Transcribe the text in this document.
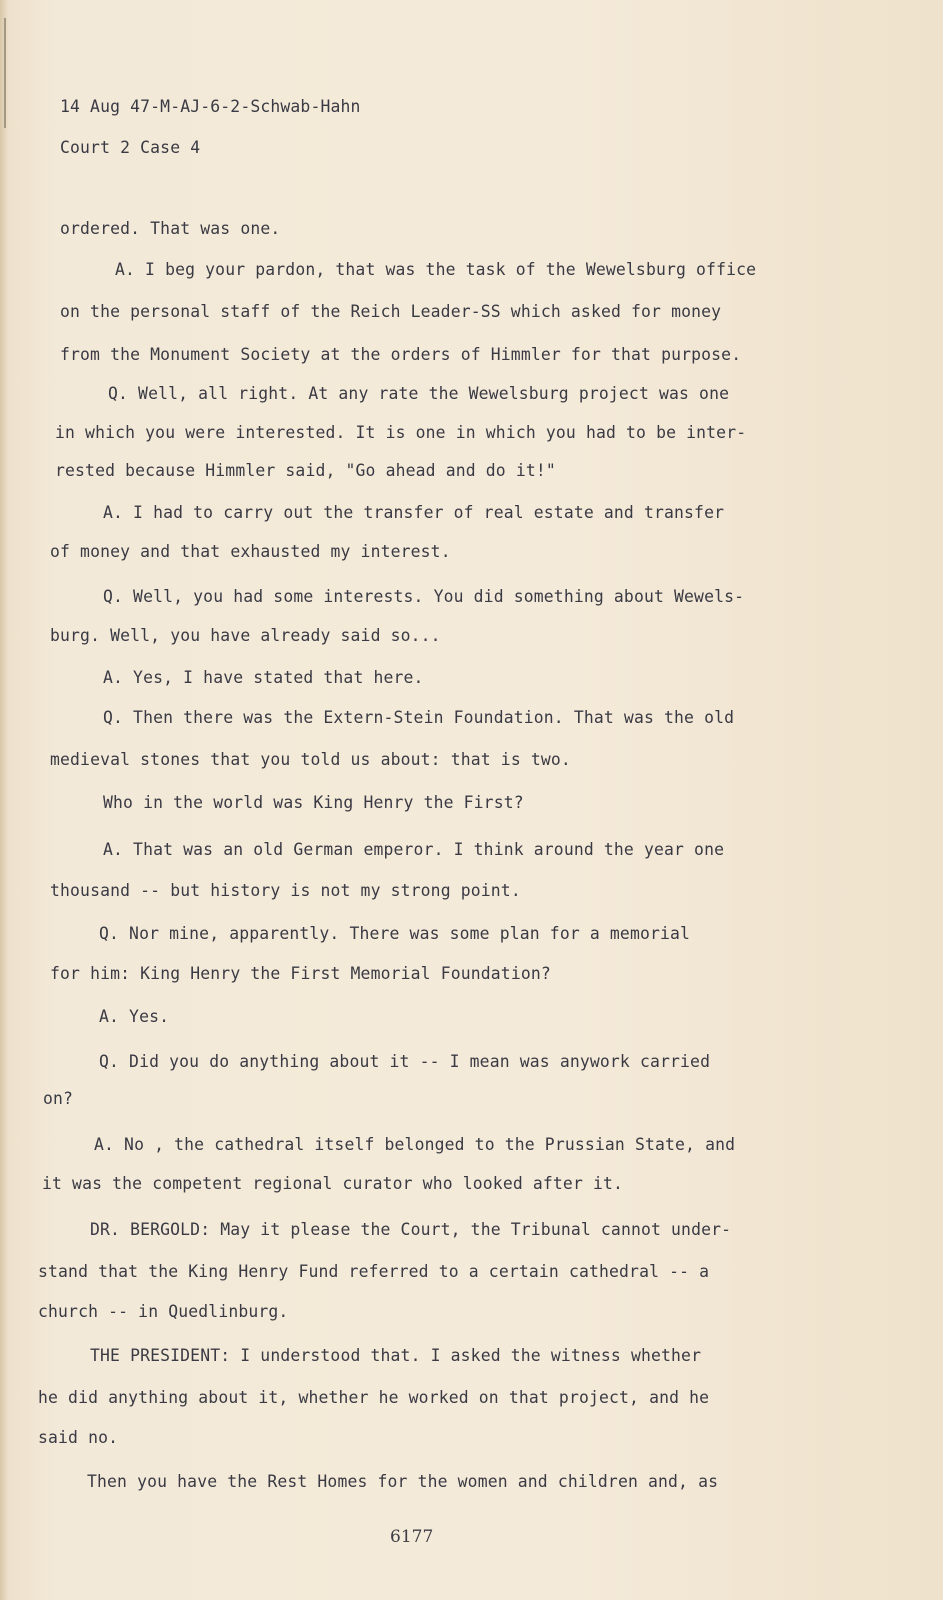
14 Aug 47-M-AJ-6-2-Schwab-Hahn
Court 2 Case 4
ordered. That was one.
A. I beg your pardon, that was the task of the Wewelsburg office
on the personal staff of the Reich Leader-SS which asked for money
from the Monument Society at the orders of Himmler for that purpose.
Q. Well, all right. At any rate the Wewelsburg project was one
in which you were interested. It is one in which you had to be inter-
rested because Himmler said, "Go ahead and do it!"
A. I had to carry out the transfer of real estate and transfer
of money and that exhausted my interest.
Q. Well, you had some interests. You did something about Wewels-
burg. Well, you have already said so...
A. Yes, I have stated that here.
Q. Then there was the Extern-Stein Foundation. That was the old
medieval stones that you told us about: that is two.
Who in the world was King Henry the First?
A. That was an old German emperor. I think around the year one
thousand -- but history is not my strong point.
Q. Nor mine, apparently. There was some plan for a memorial
for him: King Henry the First Memorial Foundation?
A. Yes.
Q. Did you do anything about it -- I mean was anywork carried
on?
A. No , the cathedral itself belonged to the Prussian State, and
it was the competent regional curator who looked after it.
DR. BERGOLD: May it please the Court, the Tribunal cannot under-
stand that the King Henry Fund referred to a certain cathedral -- a
church -- in Quedlinburg.
THE PRESIDENT: I understood that. I asked the witness whether
he did anything about it, whether he worked on that project, and he
said no.
Then you have the Rest Homes for the women and children and, as
6177
